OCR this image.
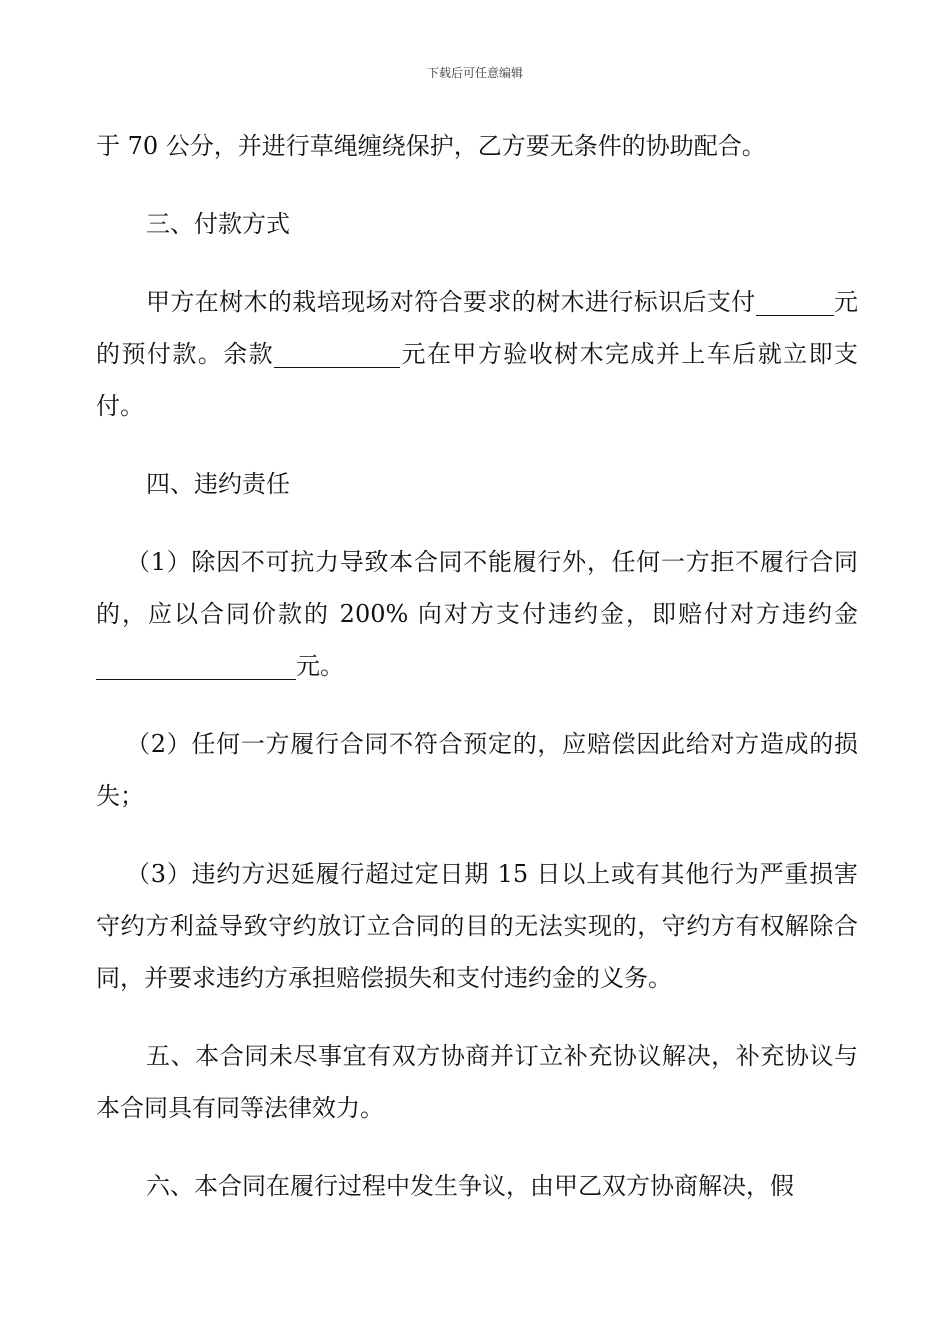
下载后可任意编辑

于 70 公分，并进行草绳缠绕保护，乙方要无条件的协助配合。

三、付款方式

甲方在树木的栽培现场对符合要求的树木进行标识后支付	元的预付款。余款	元在甲方验收树木完成并上车后就立即支付。

四、违约责任

（1）除因不可抗力导致本合同不能履行外，任何一方拒不履行合同的，应以合同价款的 200% 向对方支付违约金，即赔付对方违约金元。

（2）任何一方履行合同不符合预定的，应赔偿因此给对方造成的损失；

（3）违约方迟延履行超过定日期 15 日以上或有其他行为严重损害守约方利益导致守约放订立合同的目的无法实现的，守约方有权解除合同，并要求违约方承担赔偿损失和支付违约金的义务。

五、本合同未尽事宜有双方协商并订立补充协议解决，补充协议与本合同具有同等法律效力。

六、本合同在履行过程中发生争议，由甲乙双方协商解决，假
